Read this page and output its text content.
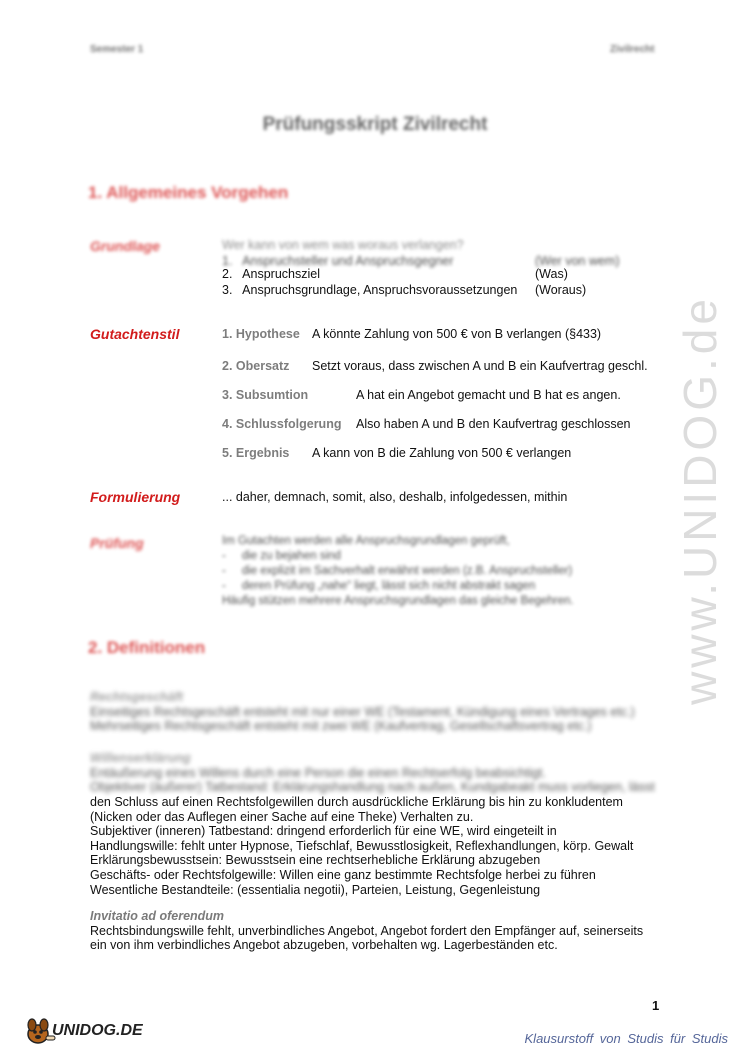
Semester 1	Zivilrecht
Prüfungsskript Zivilrecht
1. Allgemeines Vorgehen
Grundlage	Wer kann von wem was woraus verlangen?
1. Anspruchsteller und Anspruchsgegner	(Wer von wem)
2. Anspruchsziel	(Was)
3. Anspruchsgrundlage, Anspruchsvoraussetzungen (Woraus)
Gutachtenstil	1. Hypothese A könnte Zahlung von 500 € von B verlangen (§433)
2. Obersatz Setzt voraus, dass zwischen A und B ein Kaufvertrag geschl.
3. Subsumtion	A hat ein Angebot gemacht und B hat es angen.
4. Schlussfolgerung Also haben A und B den Kaufvertrag geschlossen
5. Ergebnis A kann von B die Zahlung von 500 € verlangen
Formulierung	... daher, demnach, somit, also, deshalb, infolgedessen, mithin
Prüfung	Im Gutachten werden alle Anspruchsgrundlagen geprüft,
-     die zu bejahen sind
-     die explizit im Sachverhalt erwähnt werden (z.B. Anspruchsteller)
-     deren Prüfung „nahe“ liegt, lässt sich nicht abstrakt sagen
Häufig stützen mehrere Anspruchsgrundlagen das gleiche Begehren.
2. Definitionen
Rechtsgeschäft
Einseitiges Rechtsgeschäft entsteht mit nur einer WE (Testament, Kündigung eines Vertrages etc.)
Mehrseitiges Rechtsgeschäft entsteht mit zwei WE (Kaufvertrag, Gesellschaftsvertrag etc.)
Willenserklärung
Entäußerung eines Willens durch eine Person die einen Rechtserfolg beabsichtigt.
Objektiver (äußerer) Tatbestand: Erklärungshandlung nach außen, Kundgabeakt muss vorliegen, lässt
den Schluss auf einen Rechtsfolgewillen durch ausdrückliche Erklärung bis hin zu konkludentem
(Nicken oder das Auflegen einer Sache auf eine Theke) Verhalten zu.
Subjektiver (inneren) Tatbestand: dringend erforderlich für eine WE, wird eingeteilt in
Handlungswille: fehlt unter Hypnose, Tiefschlaf, Bewusstlosigkeit, Reflexhandlungen, körp. Gewalt
Erklärungsbewusstsein: Bewusstsein eine rechtserhebliche Erklärung abzugeben
Geschäfts- oder Rechtsfolgewille: Willen eine ganz bestimmte Rechtsfolge herbei zu führen
Wesentliche Bestandteile: (essentialia negotii), Parteien, Leistung, Gegenleistung
Invitatio ad oferendum
Rechtsbindungswille fehlt, unverbindliches Angebot, Angebot fordert den Empfänger auf, seinerseits
ein von ihm verbindliches Angebot abzugeben, vorbehalten wg. Lagerbeständen etc.
www.UNIDOG.de
1
UNIDOG.DE	Klausurstoff von Studis für Studis
